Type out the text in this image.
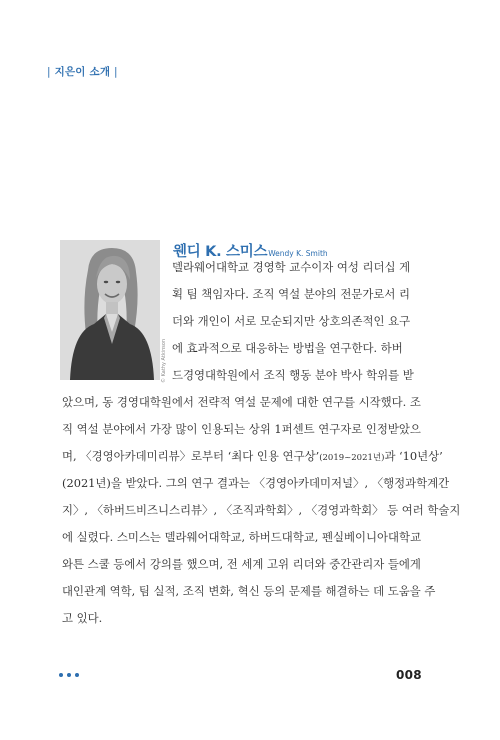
| 지은이 소개 |
© Kathy Atkinson
웬디 K. 스미스Wendy K. Smith
델라웨어대학교 경영학 교수이자 여성 리더십 게
획 팀 책임자다. 조직 역설 분야의 전문가로서 리
더와 개인이 서로 모순되지만 상호의존적인 요구
에 효과적으로 대응하는 방법을 연구한다. 하버
드경영대학원에서 조직 행동 분야 박사 학위를 받
았으며, 동 경영대학원에서 전략적 역설 문제에 대한 연구를 시작했다. 조
직 역설 분야에서 가장 많이 인용되는 상위 1퍼센트 연구자로 인정받았으
며, 〈경영아카데미리뷰〉로부터 ‘최다 인용 연구상’(2019~2021년)과 ‘10년상’
(2021년)을 받았다. 그의 연구 결과는 〈경영아카데미저널〉, 〈행정과학계간
지〉, 〈하버드비즈니스리뷰〉, 〈조직과학회〉, 〈경영과학회〉 등 여러 학술지
에 실렸다. 스미스는 델라웨어대학교, 하버드대학교, 펜실베이니아대학교
와튼 스쿨 등에서 강의를 했으며, 전 세계 고위 리더와 중간관리자 들에게
대인관계 역학, 팀 실적, 조직 변화, 혁신 등의 문제를 해결하는 데 도움을 주
고 있다.
008
